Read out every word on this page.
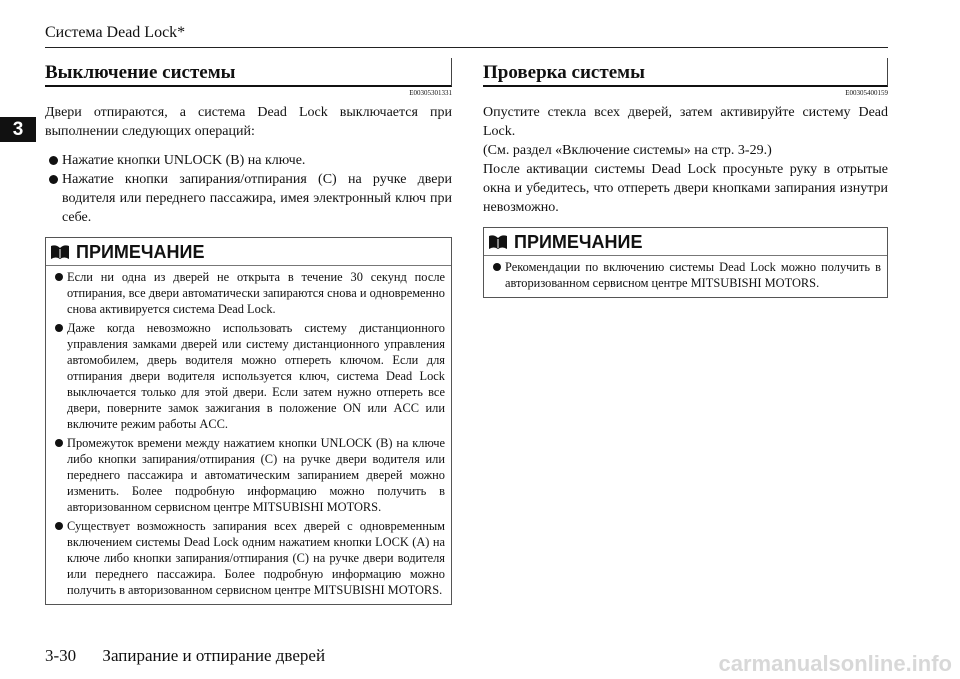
Система Dead Lock*
3
Выключение системы
E00305301331

Двери отпираются, а система Dead Lock выключается при выполнении следующих операций:

Нажатие кнопки UNLOCK (B) на ключе.
Нажатие кнопки запирания/отпирания (C) на ручке двери водителя или переднего пассажира, имея электронный ключ при себе.
ПРИМЕЧАНИЕ
Если ни одна из дверей не открыта в течение 30 секунд после отпирания, все двери автоматически запираются снова и одновременно снова активируется система Dead Lock.
Даже когда невозможно использовать систему дистанционного управления замками дверей или систему дистанционного управления автомобилем, дверь водителя можно отпереть ключом. Если для отпирания двери водителя используется ключ, система Dead Lock выключается только для этой двери. Если затем нужно отпереть все двери, поверните замок зажигания в положение ON или ACC или включите режим работы ACC.
Промежуток времени между нажатием кнопки UNLOCK (B) на ключе либо кнопки запирания/отпирания (C) на ручке двери водителя или переднего пассажира и автоматическим запиранием дверей можно изменить. Более подробную информацию можно получить в авторизованном сервисном центре MITSUBISHI MOTORS.
Существует возможность запирания всех дверей с одновременным включением системы Dead Lock одним нажатием кнопки LOCK (A) на ключе либо кнопки запирания/отпирания (C) на ручке двери водителя или переднего пассажира. Более подробную информацию можно получить в авторизованном сервисном центре MITSUBISHI MOTORS.
Проверка системы
E00305400159

Опустите стекла всех дверей, затем активируйте систему Dead Lock.

(См. раздел «Включение системы» на стр. 3-29.)

После активации системы Dead Lock просуньте руку в отрытые окна и убедитесь, что отпереть двери кнопками запирания изнутри невозможно.

ПРИМЕЧАНИЕ
Рекомендации по включению системы Dead Lock можно получить в авторизованном сервисном центре MITSUBISHI MOTORS.
3-30 Запирание и отпирание дверей	carmanualsonline.info
